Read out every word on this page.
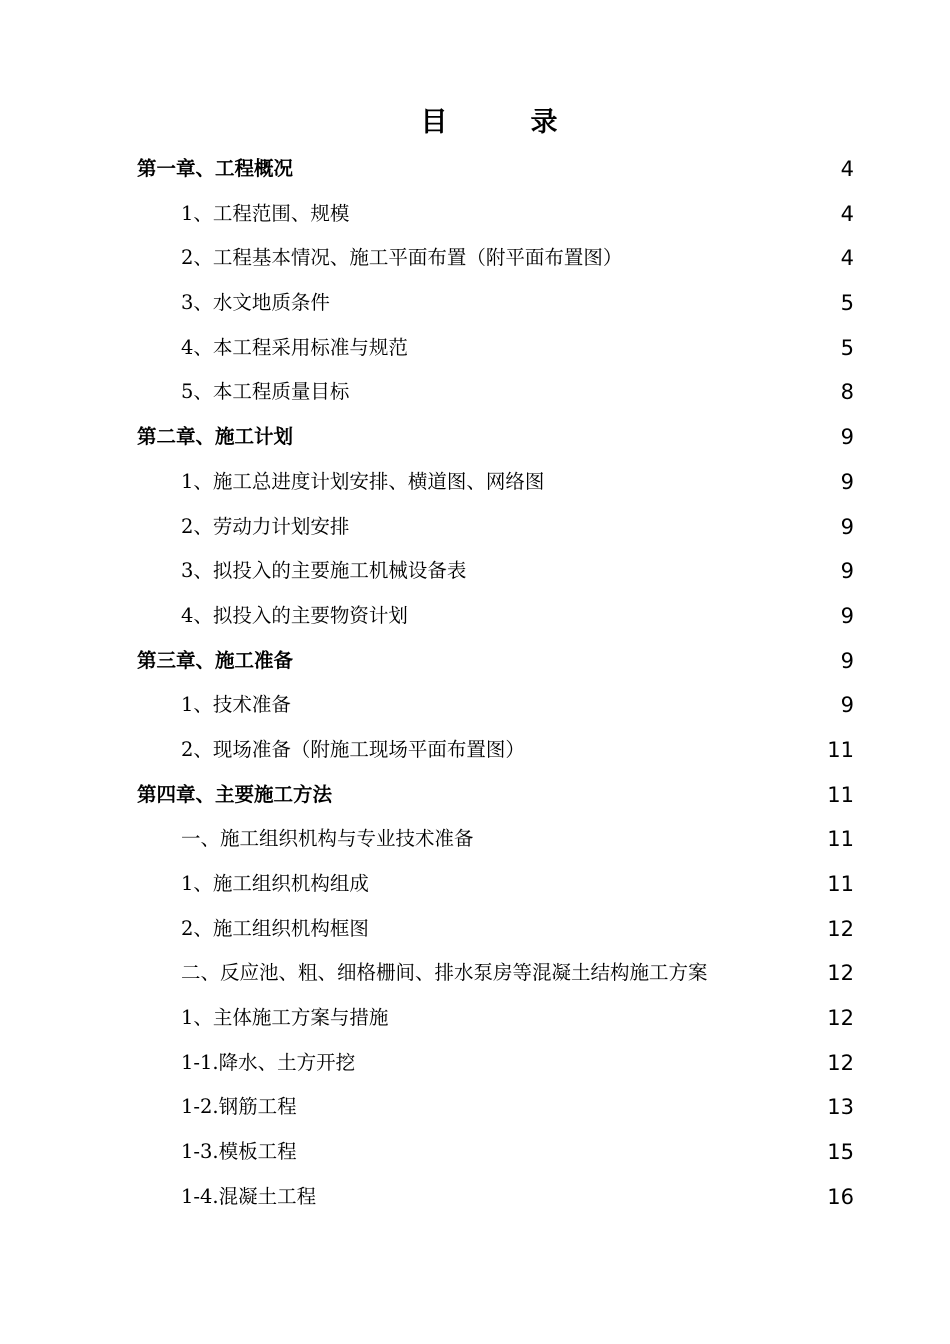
目　录
第一章、工程概况	4
1、工程范围、规模	4
2、工程基本情况、施工平面布置（附平面布置图）	4
3、水文地质条件	5
4、本工程采用标准与规范	5
5、本工程质量目标	8
第二章、施工计划	9
1、施工总进度计划安排、横道图、网络图	9
2、劳动力计划安排	9
3、拟投入的主要施工机械设备表	9
4、拟投入的主要物资计划	9
第三章、施工准备	9
1、技术准备	9
2、现场准备（附施工现场平面布置图）	11
第四章、主要施工方法	11
一、施工组织机构与专业技术准备	11
1、施工组织机构组成	11
2、施工组织机构框图	12
二、反应池、粗、细格栅间、排水泵房等混凝土结构施工方案	12
1、主体施工方案与措施	12
1-1.降水、土方开挖	12
1-2.钢筋工程	13
1-3.模板工程	15
1-4.混凝土工程	16
